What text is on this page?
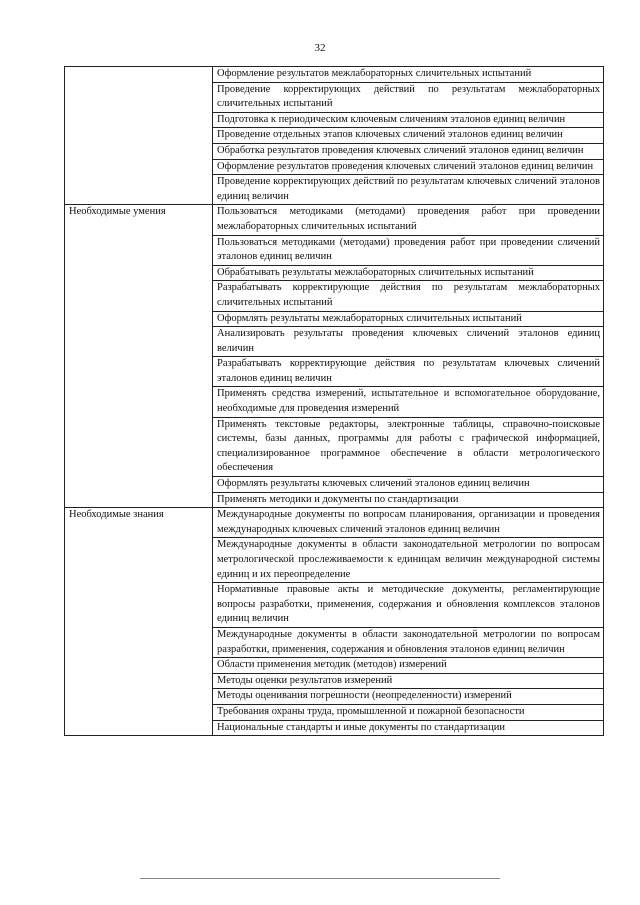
32
	Оформление результатов межлабораторных сличительных испытаний
	Проведение корректирующих действий по результатам межлабораторных сличительных испытаний
	Подготовка к периодическим ключевым сличениям эталонов единиц величин
	Проведение отдельных этапов ключевых сличений эталонов единиц величин
	Обработка результатов проведения ключевых сличений эталонов единиц величин
	Оформление результатов проведения ключевых сличений эталонов единиц величин
	Проведение корректирующих действий по результатам ключевых сличений эталонов единиц величин
Необходимые умения	Пользоваться методиками (методами) проведения работ при проведении межлабораторных сличительных испытаний
	Пользоваться методиками (методами) проведения работ при проведении сличений эталонов единиц величин
	Обрабатывать результаты межлабораторных сличительных испытаний
	Разрабатывать корректирующие действия по результатам межлабораторных сличительных испытаний
	Оформлять результаты межлабораторных сличительных испытаний
	Анализировать результаты проведения ключевых сличений эталонов единиц величин
	Разрабатывать корректирующие действия по результатам ключевых сличений эталонов единиц величин
	Применять средства измерений, испытательное и вспомогательное оборудование, необходимые для проведения измерений
	Применять текстовые редакторы, электронные таблицы, справочно-поисковые системы, базы данных, программы для работы с графической информацией, специализированное программное обеспечение в области метрологического обеспечения
	Оформлять результаты ключевых сличений эталонов единиц величин
	Применять методики и документы по стандартизации
Необходимые знания	Международные документы по вопросам планирования, организации и проведения международных ключевых сличений эталонов единиц величин
	Международные документы в области законодательной метрологии по вопросам метрологической прослеживаемости к единицам величин международной системы единиц и их переопределение
	Нормативные правовые акты и методические документы, регламентирующие вопросы разработки, применения, содержания и обновления комплексов эталонов единиц величин
	Международные документы в области законодательной метрологии по вопросам разработки, применения, содержания и обновления эталонов единиц величин
	Области применения методик (методов) измерений
	Методы оценки результатов измерений
	Методы оценивания погрешности (неопределенности) измерений
	Требования охраны труда, промышленной и пожарной безопасности
	Национальные стандарты и иные документы по стандартизации
